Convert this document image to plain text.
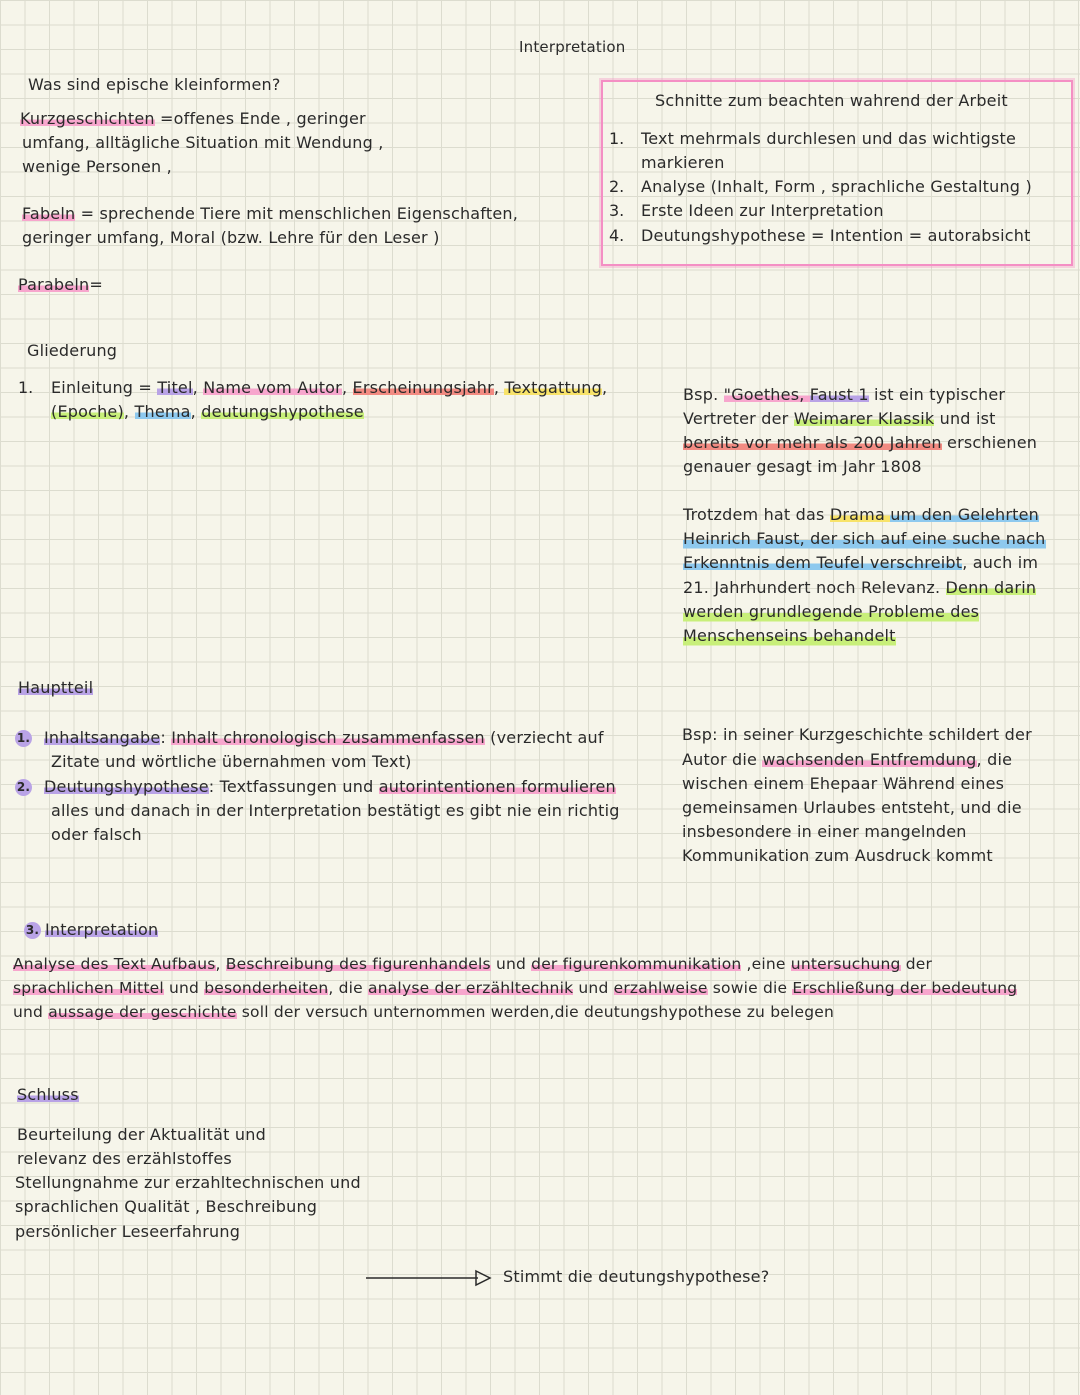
Interpretation
Was sind epische kleinformen?
Kurzgeschichten =offenes Ende , geringer
umfang, alltägliche Situation mit Wendung ,
wenige Personen ,
Fabeln = sprechende Tiere mit menschlichen Eigenschaften,
geringer umfang, Moral (bzw. Lehre für den Leser )
Parabeln=
Schnitte zum beachten wahrend der Arbeit
1. Text mehrmals durchlesen und das wichtigste
markieren
2. Analyse (Inhalt, Form , sprachliche Gestaltung )
3. Erste Ideen zur Interpretation
4. Deutungshypothese = Intention = autorabsicht
Gliederung
1. Einleitung = Titel, Name vom Autor, Erscheinungsjahr, Textgattung,
(Epoche), Thema, deutungshypothese
Bsp. "Goethes, Faust 1 ist ein typischer
Vertreter der Weimarer Klassik und ist
bereits vor mehr als 200 Jahren erschienen
genauer gesagt im Jahr 1808
Trotzdem hat das Drama um den Gelehrten
Heinrich Faust, der sich auf eine suche nach
Erkenntnis dem Teufel verschreibt, auch im
21. Jahrhundert noch Relevanz. Denn darin
werden grundlegende Probleme des
Menschenseins behandelt
Hauptteil
1. Inhaltsangabe: Inhalt chronologisch zusammenfassen (verziecht auf
Zitate und wörtliche übernahmen vom Text)
2. Deutungshypothese: Textfassungen und autorintentionen formulieren
alles und danach in der Interpretation bestätigt es gibt nie ein richtig
oder falsch
Bsp: in seiner Kurzgeschichte schildert der
Autor die wachsenden Entfremdung, die
wischen einem Ehepaar Während eines
gemeinsamen Urlaubes entsteht, und die
insbesondere in einer mangelnden
Kommunikation zum Ausdruck kommt
3. Interpretation
Analyse des Text Aufbaus, Beschreibung des figurenhandels und der figurenkommunikation ,eine untersuchung der
sprachlichen Mittel und besonderheiten, die analyse der erzähltechnik und erzahlweise sowie die Erschließung der bedeutung
und aussage der geschichte soll der versuch unternommen werden,die deutungshypothese zu belegen
Schluss
Beurteilung der Aktualität und
relevanz des erzählstoffes
Stellungnahme zur erzahltechnischen und
sprachlichen Qualität , Beschreibung
persönlicher Leseerfahrung
Stimmt die deutungshypothese?
